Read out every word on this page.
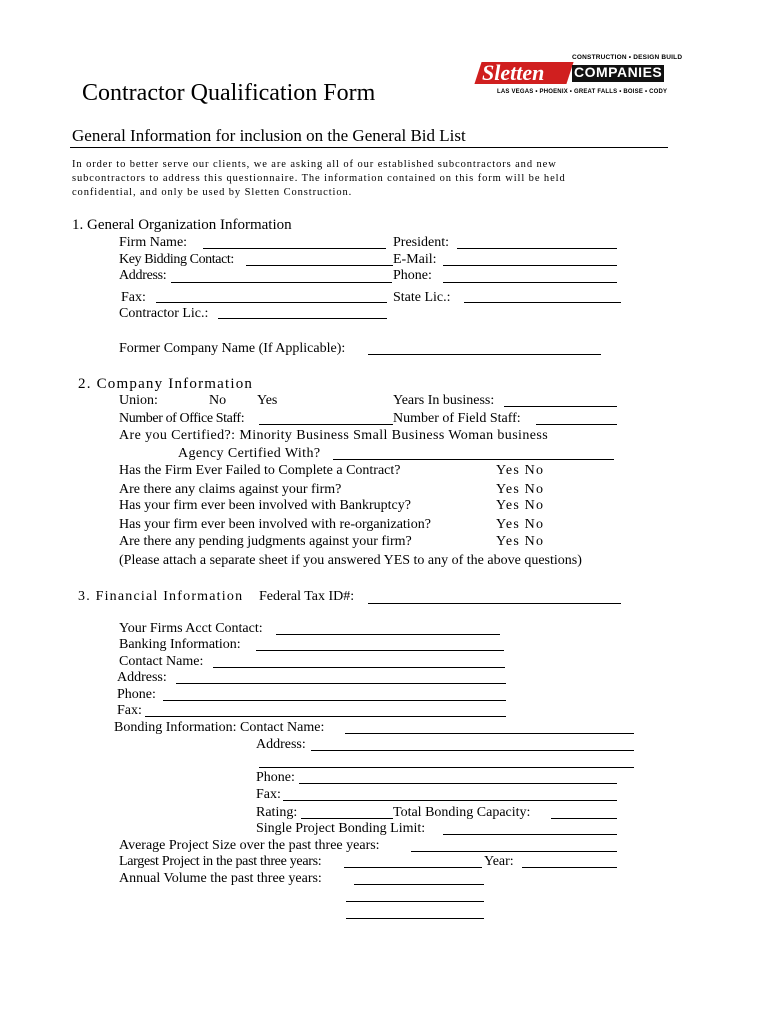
CONSTRUCTION • DESIGN BUILD
Sletten COMPANIES
LAS VEGAS • PHOENIX • GREAT FALLS • BOISE • CODY
Contractor Qualification Form
General Information for inclusion on the General Bid List
In order to better serve our clients, we are asking all of our established subcontractors and new
subcontractors to address this questionnaire. The information contained on this form will be held
confidential, and only be used by Sletten Construction.
1. General Organization Information
Firm Name:	President:
Key Bidding Contact:	E-Mail:
Address:	Phone:
Fax:	State Lic.:
Contractor Lic.:
Former Company Name (If Applicable):
2. Company Information
Union:	No Yes	Years In business:
Number of Office Staff:	Number of Field Staff:
Are you Certified?: Minority Business Small Business Woman business
Agency Certified With?
Has the Firm Ever Failed to Complete a Contract?	Yes No
Are there any claims against your firm?	Yes No
Has your firm ever been involved with Bankruptcy?	Yes No
Has your firm ever been involved with re-organization?	Yes No
Are there any pending judgments against your firm?	Yes No
(Please attach a separate sheet if you answered YES to any of the above questions)
3. Financial Information Federal Tax ID#:
Your Firms Acct Contact:
Banking Information:
Contact Name:
Address:
Phone:
Fax:
Bonding Information: Contact Name:
Address:
Phone:
Fax:
Rating:	Total Bonding Capacity:
Single Project Bonding Limit:
Average Project Size over the past three years:
Largest Project in the past three years:	Year:
Annual Volume the past three years:
